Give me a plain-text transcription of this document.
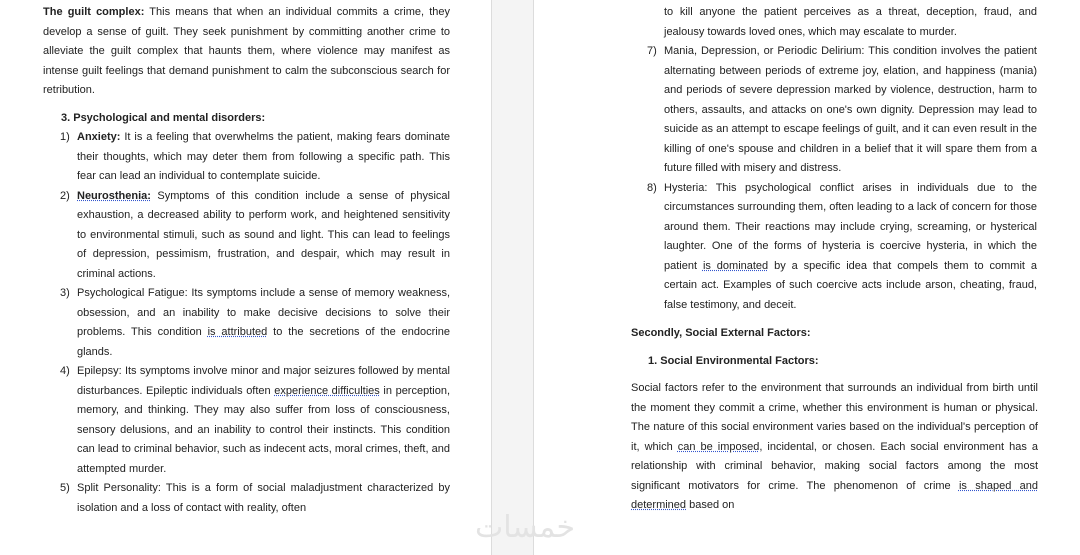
The guilt complex: This means that when an individual commits a crime, they develop a sense of guilt. They seek punishment by committing another crime to alleviate the guilt complex that haunts them, where violence may manifest as intense guilt feelings that demand punishment to calm the subconscious search for retribution.

3. Psychological and mental disorders:

1) Anxiety: It is a feeling that overwhelms the patient, making fears dominate their thoughts, which may deter them from following a specific path. This fear can lead an individual to contemplate suicide.
2) Neurosthenia: Symptoms of this condition include a sense of physical exhaustion, a decreased ability to perform work, and heightened sensitivity to environmental stimuli, such as sound and light. This can lead to feelings of depression, pessimism, frustration, and despair, which may result in criminal actions.
3) Psychological Fatigue: Its symptoms include a sense of memory weakness, obsession, and an inability to make decisive decisions to solve their problems. This condition is attributed to the secretions of the endocrine glands.
4) Epilepsy: Its symptoms involve minor and major seizures followed by mental disturbances. Epileptic individuals often experience difficulties in perception, memory, and thinking. They may also suffer from loss of consciousness, sensory delusions, and an inability to control their instincts. This condition can lead to criminal behavior, such as indecent acts, moral crimes, theft, and attempted murder.
5) Split Personality: This is a form of social maladjustment characterized by isolation and a loss of contact with reality, often

to kill anyone the patient perceives as a threat, deception, fraud, and jealousy towards loved ones, which may escalate to murder.

7) Mania, Depression, or Periodic Delirium: This condition involves the patient alternating between periods of extreme joy, elation, and happiness (mania) and periods of severe depression marked by violence, destruction, harm to others, assaults, and attacks on one's own dignity. Depression may lead to suicide as an attempt to escape feelings of guilt, and it can even result in the killing of one's spouse and children in a belief that it will spare them from a future filled with misery and distress.
8) Hysteria: This psychological conflict arises in individuals due to the circumstances surrounding them, often leading to a lack of concern for those around them. Their reactions may include crying, screaming, or hysterical laughter. One of the forms of hysteria is coercive hysteria, in which the patient is dominated by a specific idea that compels them to commit a certain act. Examples of such coercive acts include arson, cheating, fraud, false testimony, and deceit.

Secondly, Social External Factors:

1. Social Environmental Factors:

Social factors refer to the environment that surrounds an individual from birth until the moment they commit a crime, whether this environment is human or physical. The nature of this social environment varies based on the individual's perception of it, which can be imposed, incidental, or chosen. Each social environment has a relationship with criminal behavior, making social factors among the most significant motivators for crime. The phenomenon of crime is shaped and determined based on

خمسات
